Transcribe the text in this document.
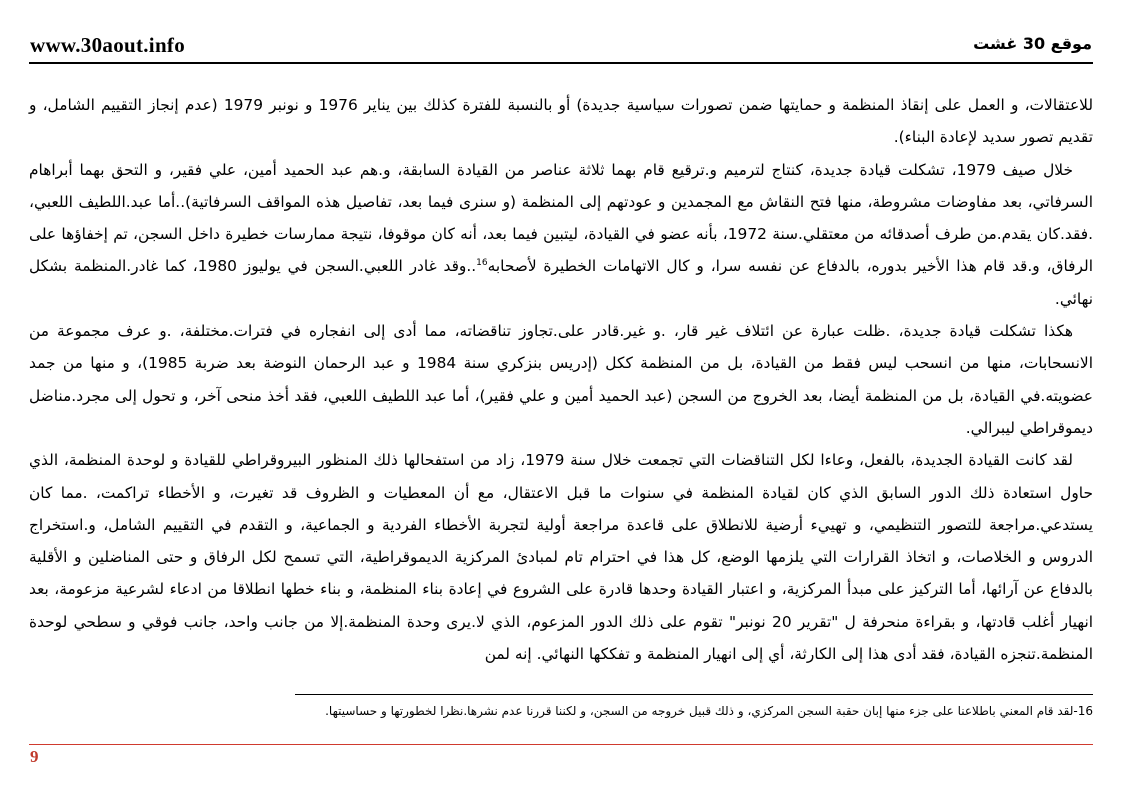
www.30aout.info	موقع 30 غشت

للاعتقالات، و العمل على إنقاذ المنظمة و حمايتها ضمن تصورات سياسية جديدة) أو بالنسبة للفترة كذلك بين يناير 1976 و نونبر 1979 (عدم إنجاز التقييم الشامل، و تقديم تصور سديد لإعادة البناء).

خلال صيف 1979، تشكلت قيادة جديدة، كنتاج لترميم و.ترقيع قام بهما ثلاثة عناصر من القيادة السابقة، و.هم عبد الحميد أمين، علي فقير، و التحق بهما أبراهام السرفاتي، بعد مفاوضات مشروطة، منها فتح النقاش مع المجمدين و عودتهم إلى المنظمة (و سنرى فيما بعد، تفاصيل هذه المواقف السرفاتية)..أما عبد.اللطيف اللعبي، .فقد.كان يقدم.من طرف أصدقائه من معتقلي.سنة 1972، بأنه عضو في القيادة، ليتبين فيما بعد، أنه كان موقوفا، نتيجة ممارسات خطيرة داخل السجن، تم إخفاؤها على الرفاق، و.قد قام هذا الأخير بدوره، بالدفاع عن نفسه سرا، و كال الاتهامات الخطيرة لأصحابه$^{16}$..وقد غادر اللعبي.السجن في يوليوز 1980، كما غادر.المنظمة بشكل نهائي.

هكذا تشكلت قيادة جديدة، .ظلت عبارة عن ائتلاف غير قار، .و غير.قادر على.تجاوز تناقضاته، مما أدى إلى انفجاره في فترات.مختلفة، .و عرف مجموعة من الانسحابات، منها من انسحب ليس فقط من القيادة، بل من المنظمة ككل (إدريس بنزكري سنة 1984 و عبد الرحمان النوضة بعد ضربة 1985)، و منها من جمد عضويته.في القيادة، بل من المنظمة أيضا، بعد الخروج من السجن (عبد الحميد أمين و علي فقير)، أما عبد اللطيف اللعبي، فقد أخذ منحى آخر، و تحول إلى مجرد.مناضل ديموقراطي ليبرالي.

لقد كانت القيادة الجديدة، بالفعل، وعاءا لكل التناقضات التي تجمعت خلال سنة 1979، زاد من استفحالها ذلك المنظور البيروقراطي للقيادة و لوحدة المنظمة، الذي حاول استعادة ذلك الدور السابق الذي كان لقيادة المنظمة في سنوات ما قبل الاعتقال، مع أن المعطيات و الظروف قد تغيرت، و الأخطاء تراكمت، .مما كان يستدعي.مراجعة للتصور التنظيمي، و تهييء أرضية للانطلاق على قاعدة مراجعة أولية لتجربة الأخطاء الفردية و الجماعية، و التقدم في التقييم الشامل، و.استخراج الدروس و الخلاصات، و اتخاذ القرارات التي يلزمها الوضع، كل هذا في احترام تام لمبادئ المركزية الديموقراطية، التي تسمح لكل الرفاق و حتى المناضلين و الأقلية بالدفاع عن آرائها، أما التركيز على مبدأ المركزية، و اعتبار القيادة وحدها قادرة على الشروع في إعادة بناء المنظمة، و بناء خطها انطلاقا من ادعاء لشرعية مزعومة، بعد انهيار أغلب قادتها، و بقراءة منحرفة ل "تقرير 20 نونبر" تقوم على ذلك الدور المزعوم، الذي لا.يرى وحدة المنظمة.إلا من جانب واحد، جانب فوقي و سطحي لوحدة المنظمة.تنجزه القيادة، فقد أدى هذا إلى الكارثة، أي إلى انهيار المنظمة و تفككها النهائي. إنه لمن

16-لقد قام المعني باطلاعنا على جزء منها إبان حقبة السجن المركزي، و ذلك قبيل خروجه من السجن، و لكننا قررنا عدم نشرها.نظرا لخطورتها و حساسيتها.
9
